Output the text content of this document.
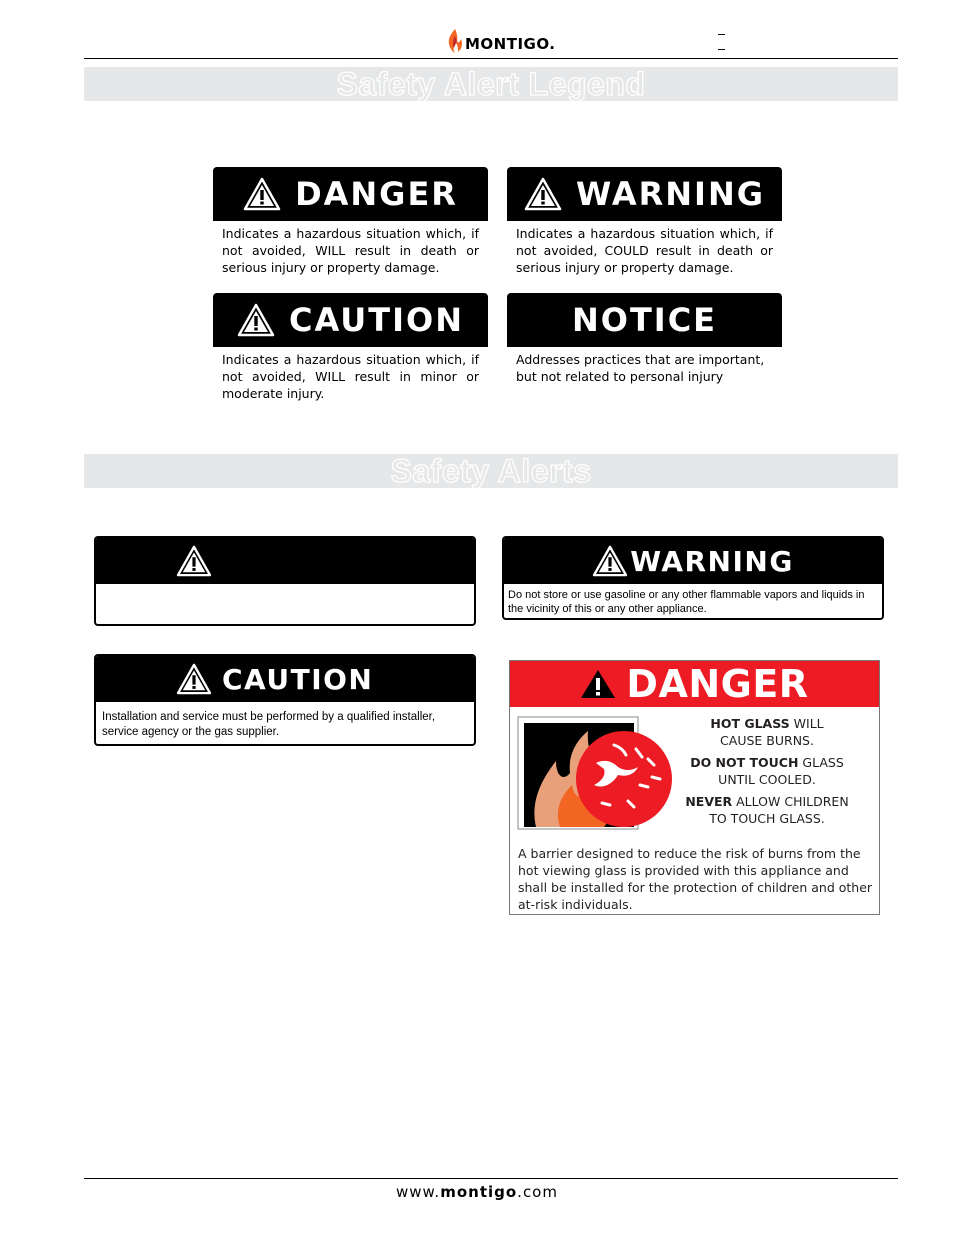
MONTIGO.
Safety Alert Legend
DANGER
Indicates a hazardous situation which, if not avoided, WILL result in death or serious injury or property damage.
WARNING
Indicates a hazardous situation which, if not avoided, COULD result in death or serious injury or property damage.
CAUTION
Indicates a hazardous situation which, if not avoided, WILL result in minor or moderate injury.
NOTICE
Addresses practices that are important, but not related to personal injury
Safety Alerts
WARNING
Do not store or use gasoline or any other flammable vapors and liquids in the vicinity of this or any other appliance.
CAUTION
Installation and service must be performed by a qualified installer, service agency or the gas supplier.
DANGER
HOT GLASS WILL
CAUSE BURNS.
DO NOT TOUCH GLASS
UNTIL COOLED.
NEVER ALLOW CHILDREN
TO TOUCH GLASS.
A barrier designed to reduce the risk of burns from the hot viewing glass is provided with this appliance and shall be installed for the protection of children and other at-risk individuals.
www.montigo.com
